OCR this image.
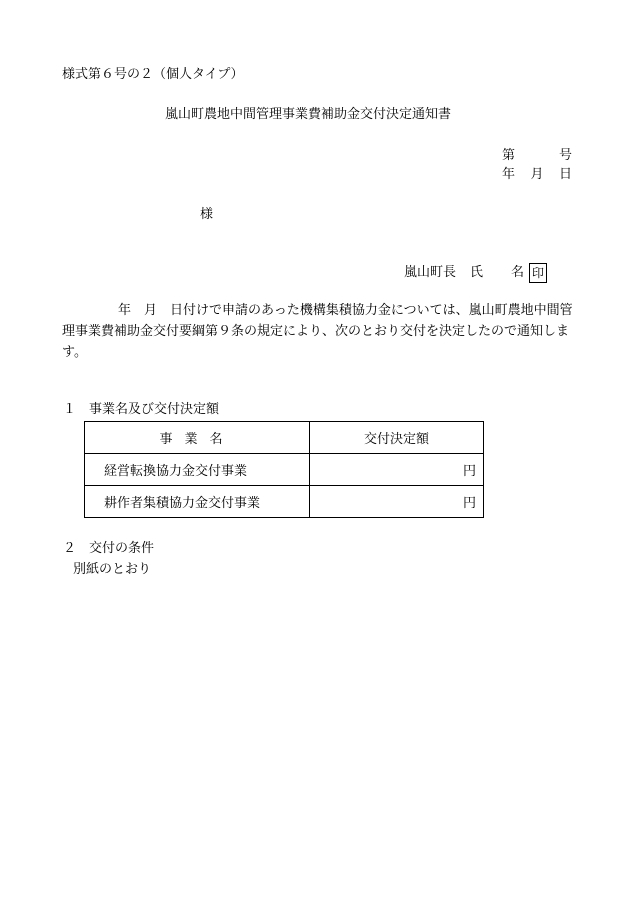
様式第６号の２（個人タイプ）
嵐山町農地中間管理事業費補助金交付決定通知書
第	号
年 月 日
様
嵐山町長 氏 名 印
年　月　日付けで申請のあった機構集積協力金については、嵐山町農地中間管理事業費補助金交付要綱第９条の規定により、次のとおり交付を決定したので通知します。
１　事業名及び交付決定額
事業名	交付決定額
経営転換協力金交付事業	円
耕作者集積協力金交付事業	円
２　交付の条件
別紙のとおり
